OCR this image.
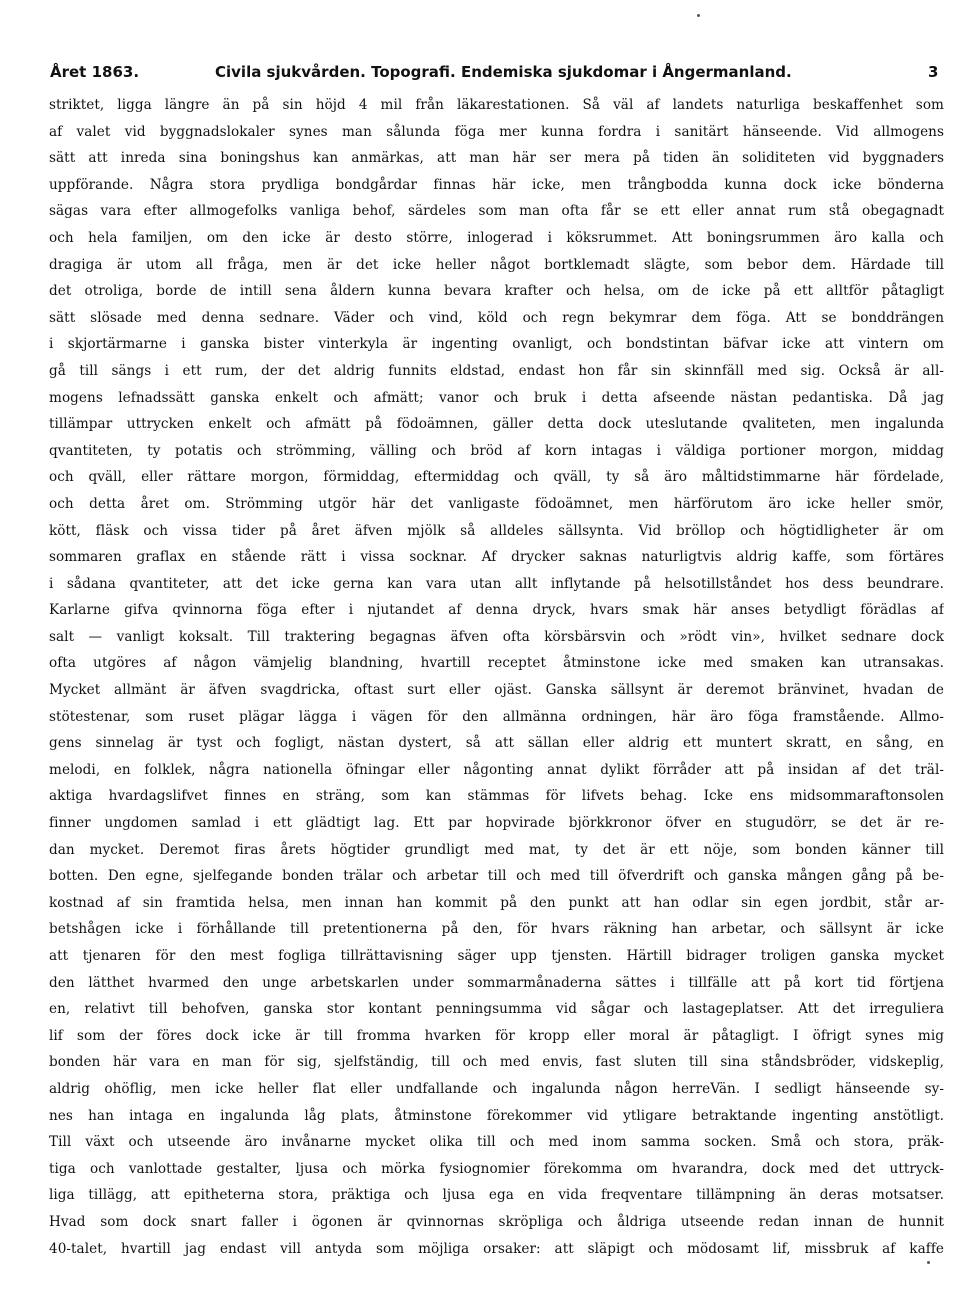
Året 1863.	Civila sjukvården. Topografi. Endemiska sjukdomar i Ångermanland.	3
striktet, ligga längre än på sin höjd 4 mil från läkarestationen. Så väl af landets naturliga beskaffenhet som
af valet vid byggnadslokaler synes man sålunda föga mer kunna fordra i sanitärt hänseende. Vid allmogens
sätt att inreda sina boningshus kan anmärkas, att man här ser mera på tiden än soliditeten vid byggnaders
uppförande. Några stora prydliga bondgårdar finnas här icke, men trångbodda kunna dock icke bönderna
sägas vara efter allmogefolks vanliga behof, särdeles som man ofta får se ett eller annat rum stå obegagnadt
och hela familjen, om den icke är desto större, inlogerad i köksrummet. Att boningsrummen äro kalla och
dragiga är utom all fråga, men är det icke heller något bortklemadt slägte, som bebor dem. Härdade till
det otroliga, borde de intill sena åldern kunna bevara krafter och helsa, om de icke på ett alltför påtagligt
sätt slösade med denna sednare. Väder och vind, köld och regn bekymrar dem föga. Att se bonddrängen
i skjortärmarne i ganska bister vinterkyla är ingenting ovanligt, och bondstintan bäfvar icke att vintern om
gå till sängs i ett rum, der det aldrig funnits eldstad, endast hon får sin skinnfäll med sig. Också är all-
mogens lefnadssätt ganska enkelt och afmätt; vanor och bruk i detta afseende nästan pedantiska. Då jag
tillämpar uttrycken enkelt och afmätt på födoämnen, gäller detta dock uteslutande qvaliteten, men ingalunda
qvantiteten, ty potatis och strömming, välling och bröd af korn intagas i väldiga portioner morgon, middag
och qväll, eller rättare morgon, förmiddag, eftermiddag och qväll, ty så äro måltidstimmarne här fördelade,
och detta året om. Strömming utgör här det vanligaste födoämnet, men härförutom äro icke heller smör,
kött, fläsk och vissa tider på året äfven mjölk så alldeles sällsynta. Vid bröllop och högtidligheter är om
sommaren graflax en stående rätt i vissa socknar. Af drycker saknas naturligtvis aldrig kaffe, som förtäres
i sådana qvantiteter, att det icke gerna kan vara utan allt inflytande på helsotillståndet hos dess beundrare.
Karlarne gifva qvinnorna föga efter i njutandet af denna dryck, hvars smak här anses betydligt förädlas af
salt — vanligt koksalt. Till traktering begagnas äfven ofta körsbärsvin och »rödt vin», hvilket sednare dock
ofta utgöres af någon vämjelig blandning, hvartill receptet åtminstone icke med smaken kan utransakas.
Mycket allmänt är äfven svagdricka, oftast surt eller ojäst. Ganska sällsynt är deremot bränvinet, hvadan de
stötestenar, som ruset plägar lägga i vägen för den allmänna ordningen, här äro föga framstående. Allmo-
gens sinnelag är tyst och fogligt, nästan dystert, så att sällan eller aldrig ett muntert skratt, en sång, en
melodi, en folklek, några nationella öfningar eller någonting annat dylikt förråder att på insidan af det träl-
aktiga hvardagslifvet finnes en sträng, som kan stämmas för lifvets behag. Icke ens midsommaraftonsolen
finner ungdomen samlad i ett glädtigt lag. Ett par hopvirade björkkronor öfver en stugudörr, se det är re-
dan mycket. Deremot firas årets högtider grundligt med mat, ty det är ett nöje, som bonden känner till
botten. Den egne, sjelfegande bonden trälar och arbetar till och med till öfverdrift och ganska mången gång på be-
kostnad af sin framtida helsa, men innan han kommit på den punkt att han odlar sin egen jordbit, står ar-
betshågen icke i förhållande till pretentionerna på den, för hvars räkning han arbetar, och sällsynt är icke
att tjenaren för den mest fogliga tillrättavisning säger upp tjensten. Härtill bidrager troligen ganska mycket
den lätthet hvarmed den unge arbetskarlen under sommarmånaderna sättes i tillfälle att på kort tid förtjena
en, relativt till behofven, ganska stor kontant penningsumma vid sågar och lastageplatser. Att det irreguliera
lif som der föres dock icke är till fromma hvarken för kropp eller moral är påtagligt. I öfrigt synes mig
bonden här vara en man för sig, sjelfständig, till och med envis, fast sluten till sina ståndsbröder, vidskeplig,
aldrig ohöflig, men icke heller flat eller undfallande och ingalunda någon herreVän. I sedligt hänseende sy-
nes han intaga en ingalunda låg plats, åtminstone förekommer vid ytligare betraktande ingenting anstötligt.
Till växt och utseende äro invånarne mycket olika till och med inom samma socken. Små och stora, präk-
tiga och vanlottade gestalter, ljusa och mörka fysiognomier förekomma om hvarandra, dock med det uttryck-
liga tillägg, att epitheterna stora, präktiga och ljusa ega en vida freqventare tillämpning än deras motsatser.
Hvad som dock snart faller i ögonen är qvinnornas skröpliga och åldriga utseende redan innan de hunnit
40-talet, hvartill jag endast vill antyda som möjliga orsaker: att släpigt och mödosamt lif, missbruk af kaffe
